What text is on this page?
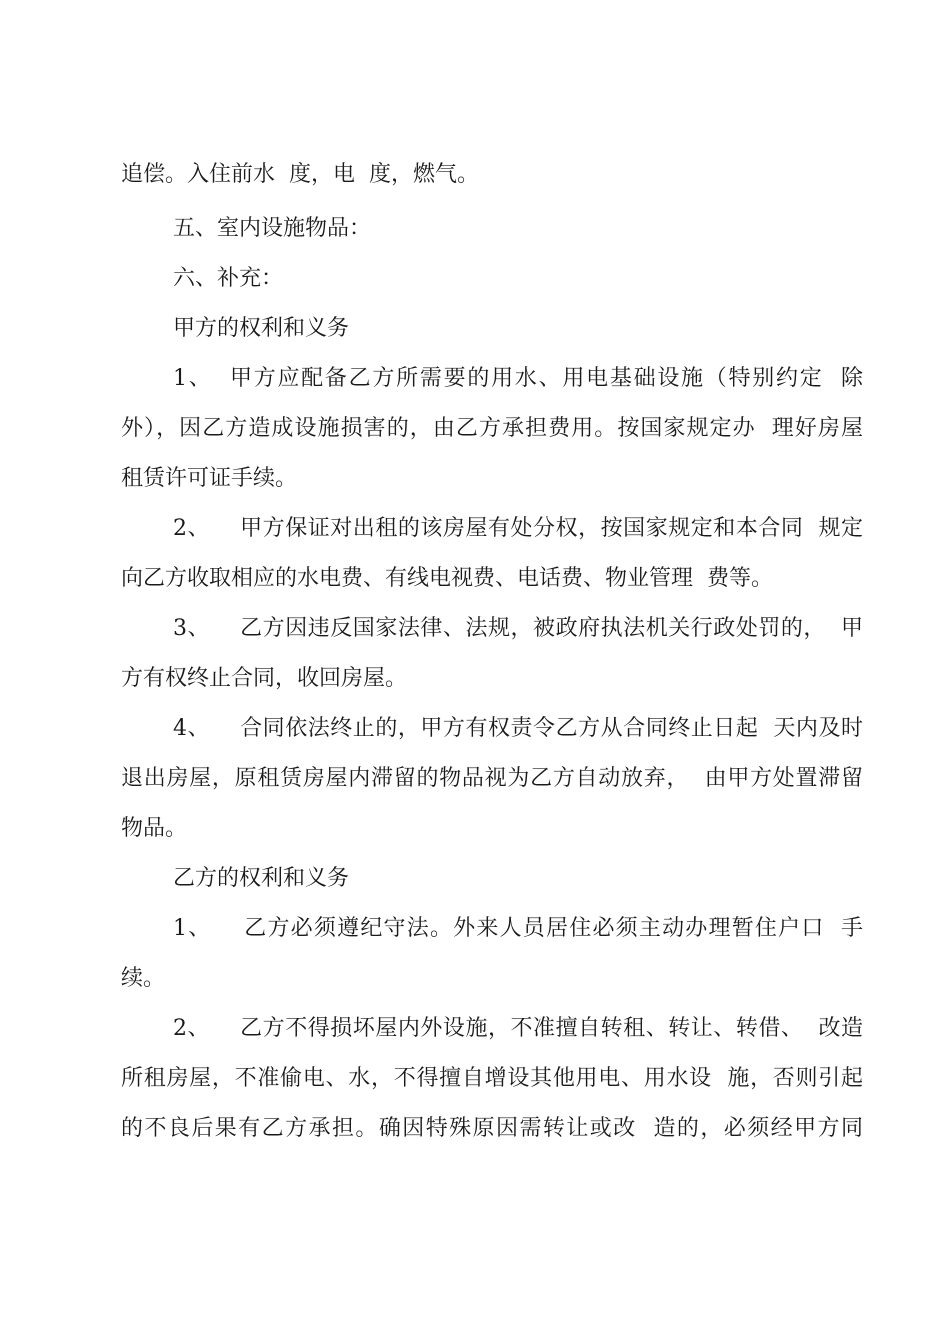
追偿。入住前水  度，电  度，燃气。
五、室内设施物品：
六、补充：
甲方的权利和义务
1、  甲方应配备乙方所需要的用水、用电基础设施（特别约定  除
外），因乙方造成设施损害的，由乙方承担费用。按国家规定办  理好房屋
租赁许可证手续。
2、    甲方保证对出租的该房屋有处分权，按国家规定和本合同  规定
向乙方收取相应的水电费、有线电视费、电话费、物业管理  费等。
3、    乙方因违反国家法律、法规，被政府执法机关行政处罚的，  甲
方有权终止合同，收回房屋。
4、    合同依法终止的，甲方有权责令乙方从合同终止日起  天内及时
退出房屋，原租赁房屋内滞留的物品视为乙方自动放弃，  由甲方处置滞留
物品。
乙方的权利和义务
1、    乙方必须遵纪守法。外来人员居住必须主动办理暂住户口  手
续。
2、    乙方不得损坏屋内外设施，不准擅自转租、转让、转借、  改造
所租房屋，不准偷电、水，不得擅自增设其他用电、用水设  施，否则引起
的不良后果有乙方承担。确因特殊原因需转让或改  造的，必须经甲方同
